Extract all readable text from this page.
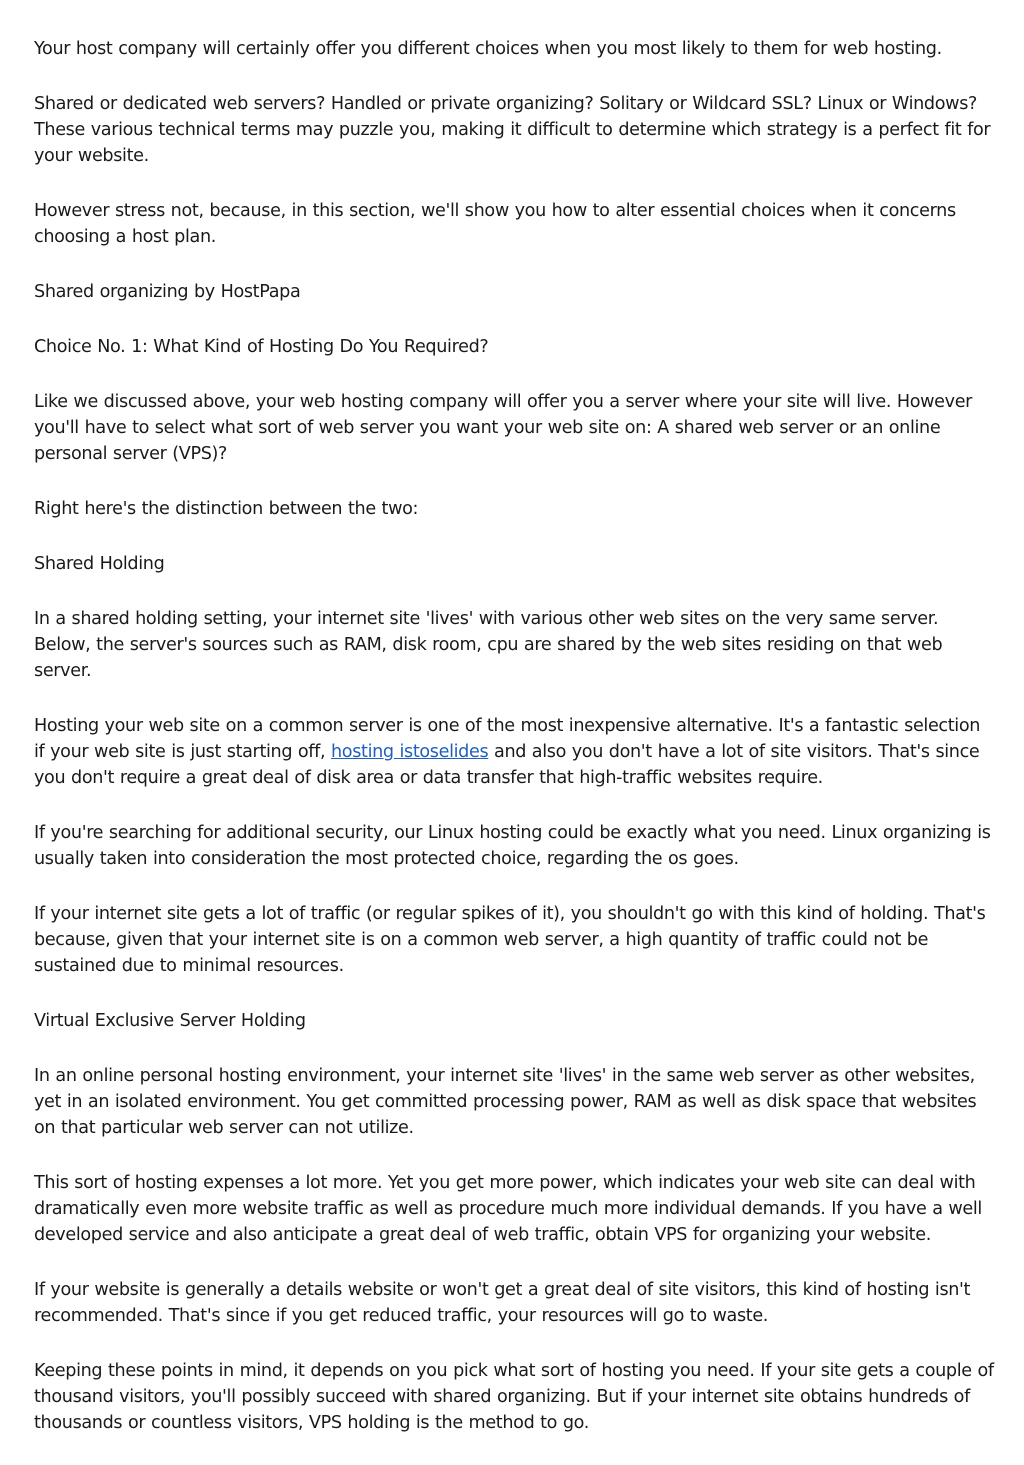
Your host company will certainly offer you different choices when you most likely to them for web hosting.

Shared or dedicated web servers? Handled or private organizing? Solitary or Wildcard SSL? Linux or Windows? These various technical terms may puzzle you, making it difficult to determine which strategy is a perfect fit for your website.

However stress not, because, in this section, we'll show you how to alter essential choices when it concerns choosing a host plan.

Shared organizing by HostPapa

Choice No. 1: What Kind of Hosting Do You Required?

Like we discussed above, your web hosting company will offer you a server where your site will live. However you'll have to select what sort of web server you want your web site on: A shared web server or an online personal server (VPS)?

Right here's the distinction between the two:

Shared Holding

In a shared holding setting, your internet site 'lives' with various other web sites on the very same server. Below, the server's sources such as RAM, disk room, cpu are shared by the web sites residing on that web server.

Hosting your web site on a common server is one of the most inexpensive alternative. It's a fantastic selection if your web site is just starting off, hosting istoselides and also you don't have a lot of site visitors. That's since you don't require a great deal of disk area or data transfer that high-traffic websites require.

If you're searching for additional security, our Linux hosting could be exactly what you need. Linux organizing is usually taken into consideration the most protected choice, regarding the os goes.

If your internet site gets a lot of traffic (or regular spikes of it), you shouldn't go with this kind of holding. That's because, given that your internet site is on a common web server, a high quantity of traffic could not be sustained due to minimal resources.

Virtual Exclusive Server Holding

In an online personal hosting environment, your internet site 'lives' in the same web server as other websites, yet in an isolated environment. You get committed processing power, RAM as well as disk space that websites on that particular web server can not utilize.

This sort of hosting expenses a lot more. Yet you get more power, which indicates your web site can deal with dramatically even more website traffic as well as procedure much more individual demands. If you have a well developed service and also anticipate a great deal of web traffic, obtain VPS for organizing your website.

If your website is generally a details website or won't get a great deal of site visitors, this kind of hosting isn't recommended. That's since if you get reduced traffic, your resources will go to waste.

Keeping these points in mind, it depends on you pick what sort of hosting you need. If your site gets a couple of thousand visitors, you'll possibly succeed with shared organizing. But if your internet site obtains hundreds of thousands or countless visitors, VPS holding is the method to go.
